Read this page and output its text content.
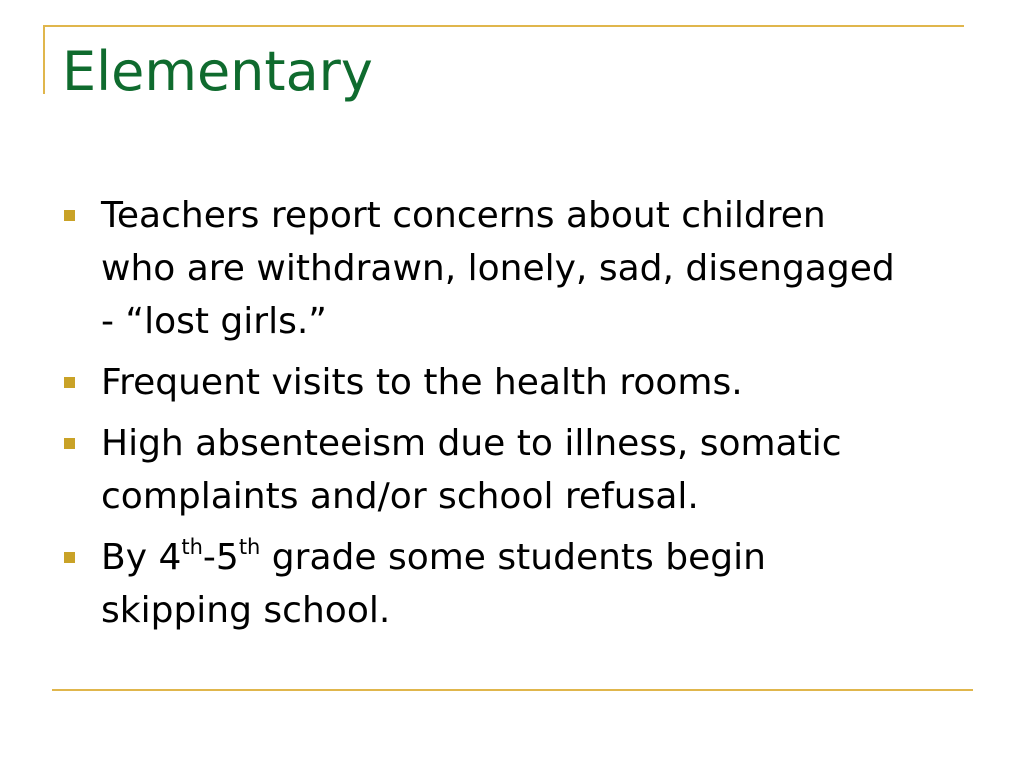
Elementary
Teachers report concerns about children
who are withdrawn, lonely, sad, disengaged
- “lost girls.”
Frequent visits to the health rooms.
High absenteeism due to illness, somatic
complaints and/or school refusal.
By 4th-5th grade some students begin
skipping school.
